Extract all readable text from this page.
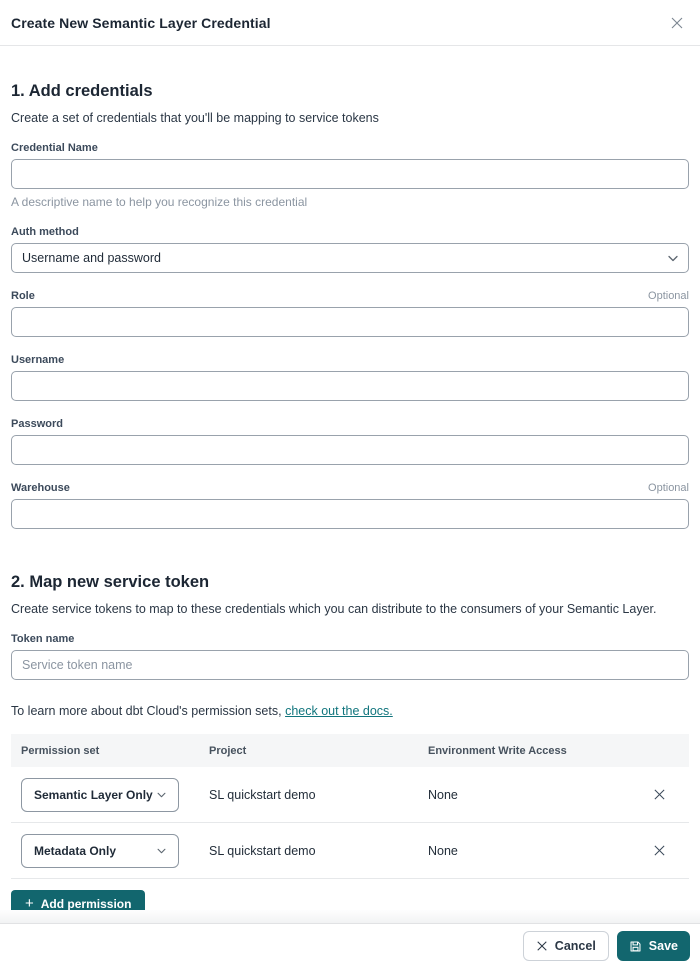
Create New Semantic Layer Credential
1. Add credentials
Create a set of credentials that you'll be mapping to service tokens
Credential Name
A descriptive name to help you recognize this credential
Auth method
Username and password
Role	Optional
Username
Password
Warehouse	Optional
2. Map new service token
Create service tokens to map to these credentials which you can distribute to the consumers of your Semantic Layer.
Token name
Service token name
To learn more about dbt Cloud's permission sets, check out the docs.
Permission set	Project	Environment Write Access
Semantic Layer Only	SL quickstart demo	None
Metadata Only	SL quickstart demo	None
+ Add permission
Cancel	Save
